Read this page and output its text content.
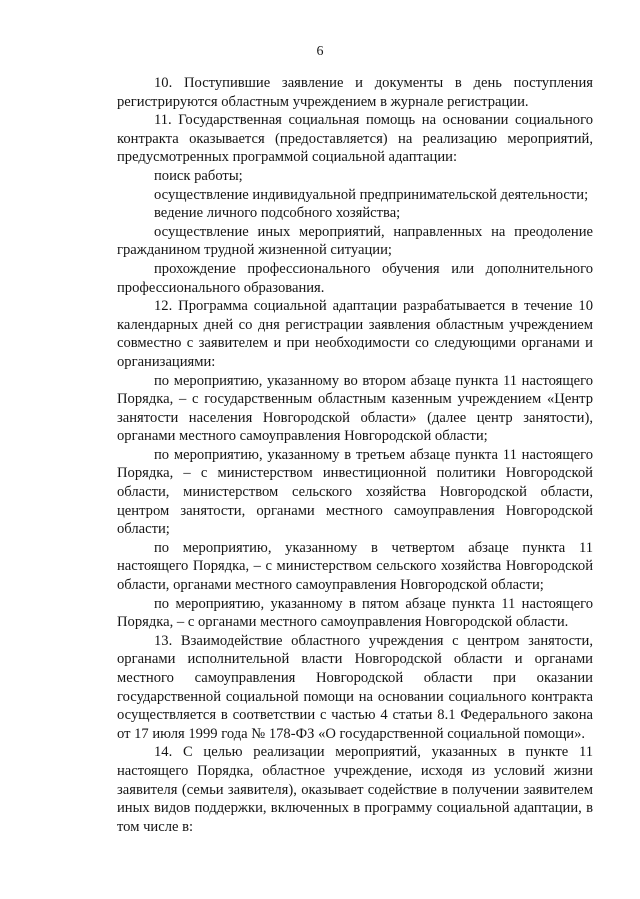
6

10. Поступившие заявление и документы в день поступления регистрируются областным учреждением в журнале регистрации.

11. Государственная социальная помощь на основании социального контракта оказывается (предоставляется) на реализацию мероприятий, предусмотренных программой социальной адаптации:

поиск работы;

осуществление индивидуальной предпринимательской деятельности;

ведение личного подсобного хозяйства;

осуществление иных мероприятий, направленных на преодоление гражданином трудной жизненной ситуации;

прохождение профессионального обучения или дополнительного профессионального образования.

12. Программа социальной адаптации разрабатывается в течение 10 календарных дней со дня регистрации заявления областным учреждением совместно с заявителем и при необходимости со следующими органами и организациями:

по мероприятию, указанному во втором абзаце пункта 11 настоящего Порядка, – с государственным областным казенным учреждением «Центр занятости населения Новгородской области» (далее центр занятости), органами местного самоуправления Новгородской области;

по мероприятию, указанному в третьем абзаце пункта 11 настоящего Порядка, – с министерством инвестиционной политики Новгородской области, министерством сельского хозяйства Новгородской области, центром занятости, органами местного самоуправления Новгородской области;

по мероприятию, указанному в четвертом абзаце пункта 11 настоящего Порядка, – с министерством сельского хозяйства Новгородской области, органами местного самоуправления Новгородской области;

по мероприятию, указанному в пятом абзаце пункта 11 настоящего Порядка, – с органами местного самоуправления Новгородской области.

13. Взаимодействие областного учреждения с центром занятости, органами исполнительной власти Новгородской области и органами местного самоуправления Новгородской области при оказании государственной социальной помощи на основании социального контракта осуществляется в соответствии с частью 4 статьи 8.1 Федерального закона от 17 июля 1999 года № 178-ФЗ «О государственной социальной помощи».

14. С целью реализации мероприятий, указанных в пункте 11 настоящего Порядка, областное учреждение, исходя из условий жизни заявителя (семьи заявителя), оказывает содействие в получении заявителем иных видов поддержки, включенных в программу социальной адаптации, в том числе в:
